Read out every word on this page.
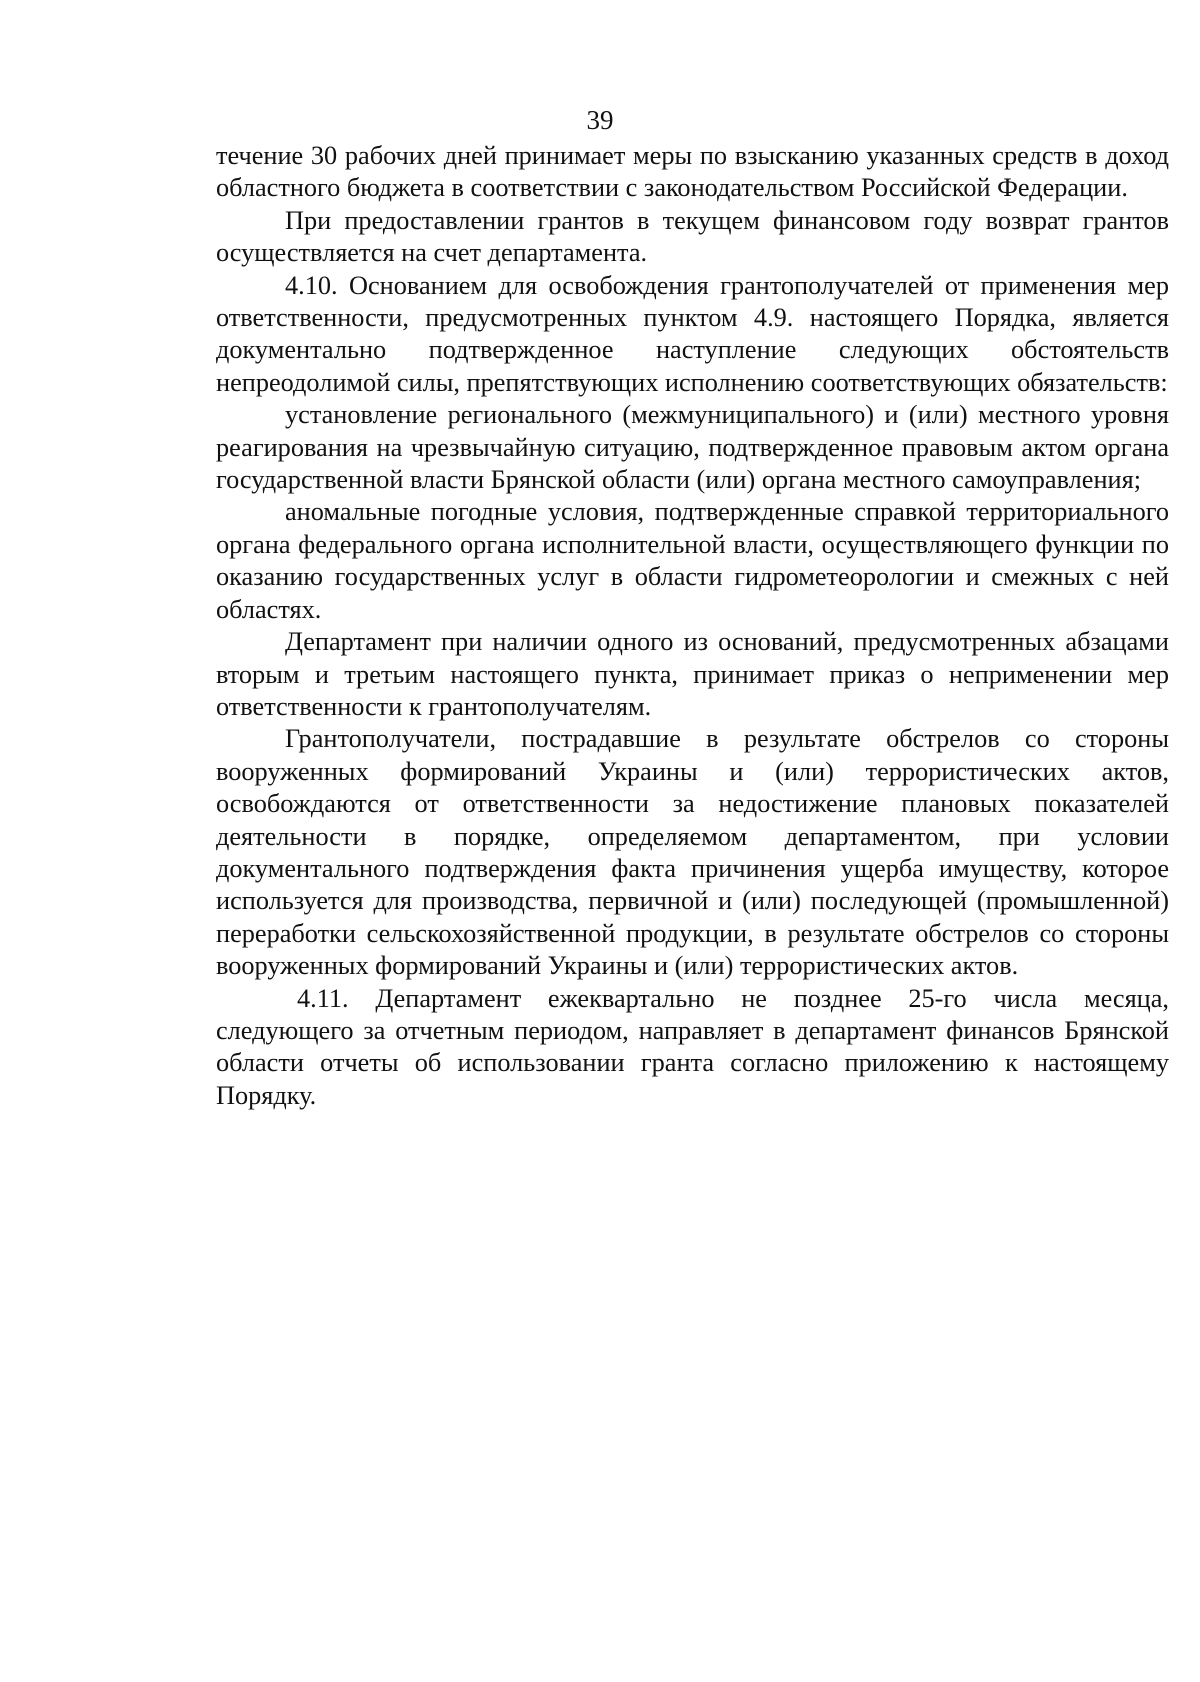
39

течение 30 рабочих дней принимает меры по взысканию указанных средств в доход областного бюджета в соответствии с законодательством Российской Федерации.

При предоставлении грантов в текущем финансовом году возврат грантов осуществляется на счет департамента.

4.10. Основанием для освобождения грантополучателей от применения мер ответственности, предусмотренных пунктом 4.9. настоящего Порядка, является документально подтвержденное наступление следующих обстоятельств непреодолимой силы, препятствующих исполнению соответствующих обязательств:

установление регионального (межмуниципального) и (или) местного уровня реагирования на чрезвычайную ситуацию, подтвержденное правовым актом органа государственной власти Брянской области (или) органа местного самоуправления;

аномальные погодные условия, подтвержденные справкой территориального органа федерального органа исполнительной власти, осуществляющего функции по оказанию государственных услуг в области гидрометеорологии и смежных с ней областях.

Департамент при наличии одного из оснований, предусмотренных абзацами вторым и третьим настоящего пункта, принимает приказ о неприменении мер ответственности к грантополучателям.

Грантополучатели, пострадавшие в результате обстрелов со стороны вооруженных формирований Украины и (или) террористических актов, освобождаются от ответственности за недостижение плановых показателей деятельности в порядке, определяемом департаментом, при условии документального подтверждения факта причинения ущерба имуществу, которое используется для производства, первичной и (или) последующей (промышленной) переработки сельскохозяйственной продукции, в результате обстрелов со стороны вооруженных формирований Украины и (или) террористических актов.

4.11. Департамент ежеквартально не позднее 25-го числа месяца, следующего за отчетным периодом, направляет в департамент финансов Брянской области отчеты об использовании гранта согласно приложению к настоящему Порядку.
